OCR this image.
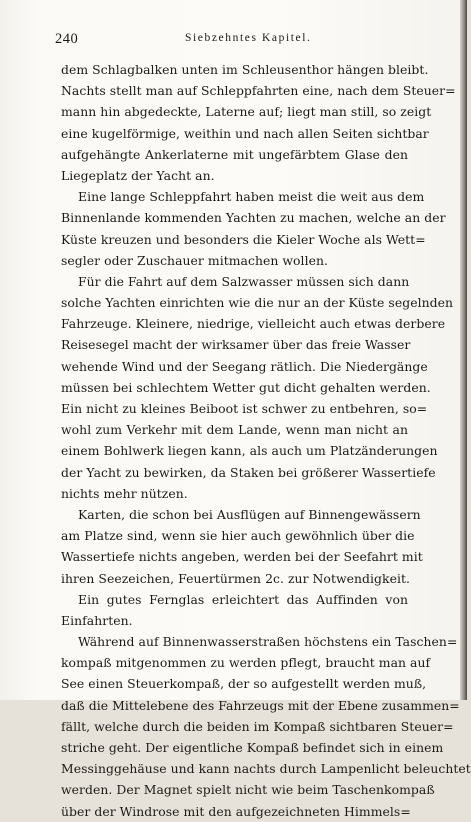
240	Siebzehntes Kapitel.
dem Schlagbalken unten im Schleusenthor hängen bleibt.
Nachts stellt man auf Schleppfahrten eine, nach dem Steuer=
mann hin abgedeckte, Laterne auf; liegt man still, so zeigt
eine kugelförmige, weithin und nach allen Seiten sichtbar
aufgehängte Ankerlaterne mit ungefärbtem Glase den
Liegeplatz der Yacht an.
Eine lange Schleppfahrt haben meist die weit aus dem
Binnenlande kommenden Yachten zu machen, welche an der
Küste kreuzen und besonders die Kieler Woche als Wett=
segler oder Zuschauer mitmachen wollen.
Für die Fahrt auf dem Salzwasser müssen sich dann
solche Yachten einrichten wie die nur an der Küste segelnden
Fahrzeuge. Kleinere, niedrige, vielleicht auch etwas derbere
Reisesegel macht der wirksamer über das freie Wasser
wehende Wind und der Seegang rätlich. Die Niedergänge
müssen bei schlechtem Wetter gut dicht gehalten werden.
Ein nicht zu kleines Beiboot ist schwer zu entbehren, so=
wohl zum Verkehr mit dem Lande, wenn man nicht an
einem Bohlwerk liegen kann, als auch um Platzänderungen
der Yacht zu bewirken, da Staken bei größerer Wassertiefe
nichts mehr nützen.
Karten, die schon bei Ausflügen auf Binnengewässern
am Platze sind, wenn sie hier auch gewöhnlich über die
Wassertiefe nichts angeben, werden bei der Seefahrt mit
ihren Seezeichen, Feuertürmen 2c. zur Notwendigkeit.
Ein gutes Fernglas erleichtert das Auffinden von
Einfahrten.
Während auf Binnenwasserstraßen höchstens ein Taschen=
kompaß mitgenommen zu werden pflegt, braucht man auf
See einen Steuerkompaß, der so aufgestellt werden muß,
daß die Mittelebene des Fahrzeugs mit der Ebene zusammen=
fällt, welche durch die beiden im Kompaß sichtbaren Steuer=
striche geht. Der eigentliche Kompaß befindet sich in einem
Messinggehäuse und kann nachts durch Lampenlicht beleuchtet
werden. Der Magnet spielt nicht wie beim Taschenkompaß
über der Windrose mit den aufgezeichneten Himmels=
